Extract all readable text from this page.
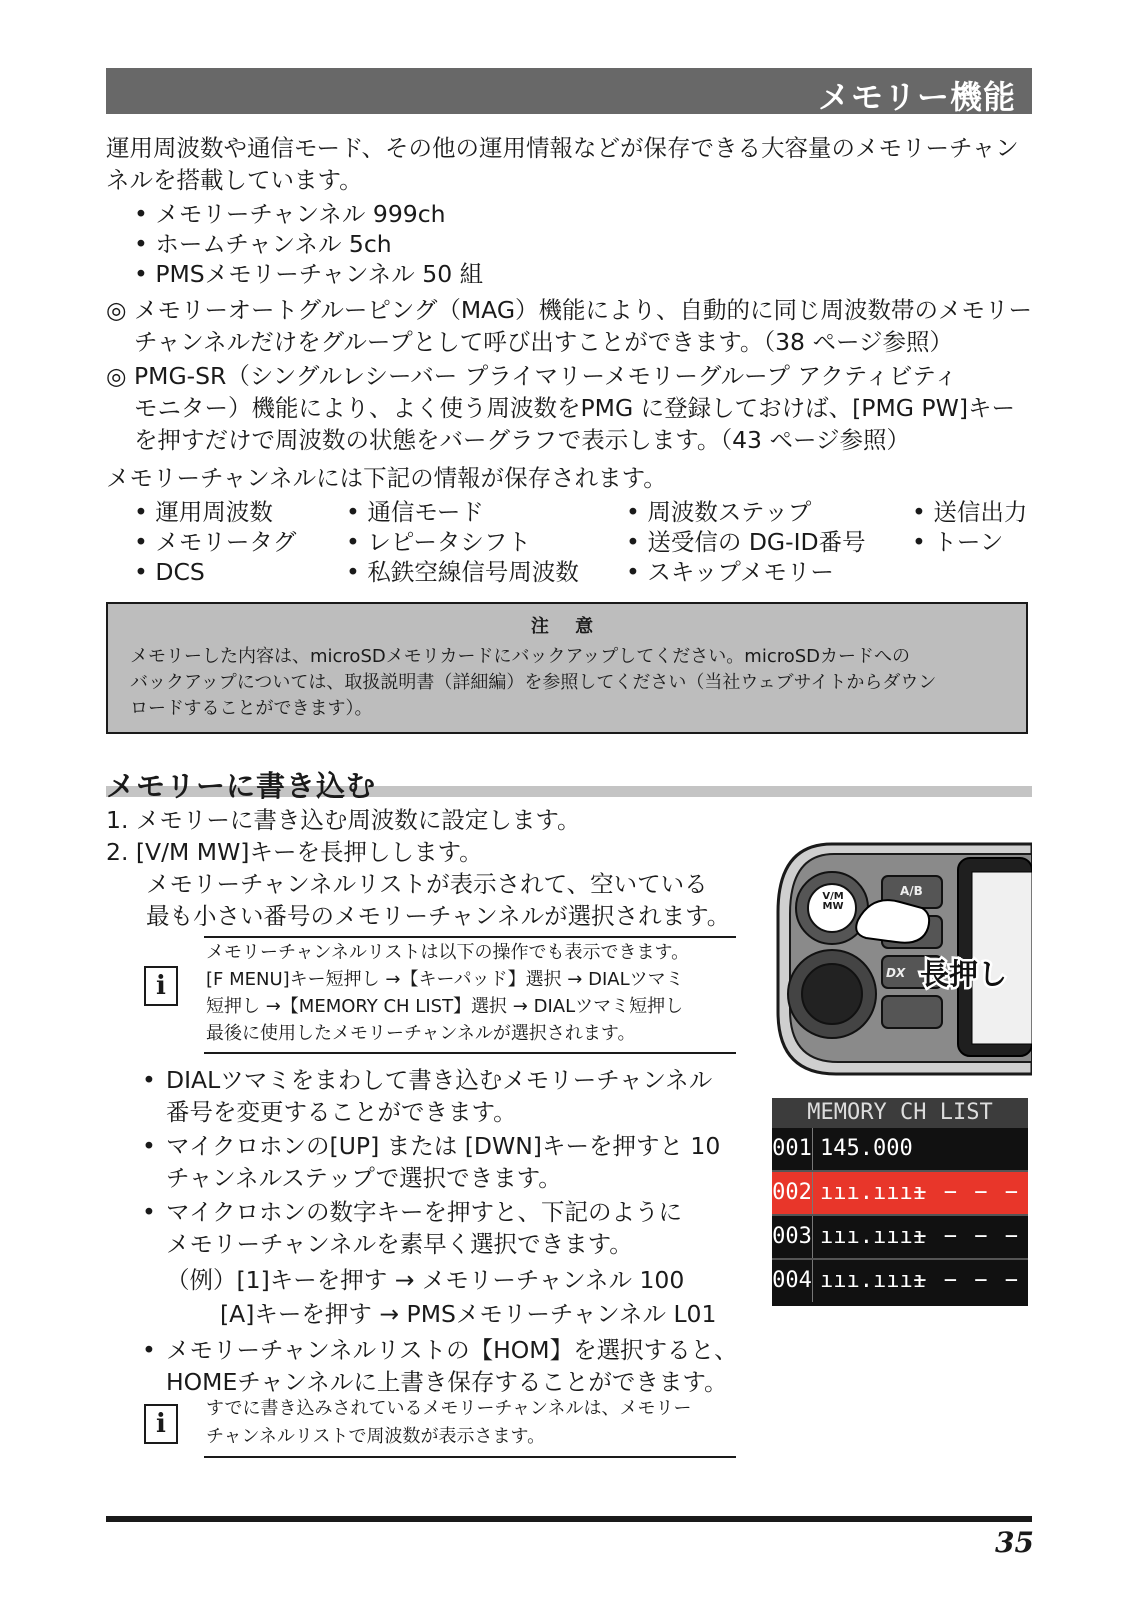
メモリー機能
運用周波数や通信モード、その他の運用情報などが保存できる大容量のメモリーチャン
ネルを搭載しています。
• メモリーチャンネル 999ch
• ホームチャンネル 5ch
• PMSメモリーチャンネル 50 組
◎ メモリーオートグルーピング（MAG）機能により、自動的に同じ周波数帯のメモリー
チャンネルだけをグループとして呼び出すことができます。（38 ページ参照）
◎ PMG-SR（シングルレシーバー プライマリーメモリーグループ アクティビティ
モニター）機能により、よく使う周波数をPMG に登録しておけば、[PMG PW]キー
を押すだけで周波数の状態をバーグラフで表示します。（43 ページ参照）
メモリーチャンネルには下記の情報が保存されます。
• 運用周波数
• メモリータグ
• DCS
• 通信モード
• レピータシフト
• 私鉄空線信号周波数
• 周波数ステップ
• 送受信の DG-ID番号
• スキップメモリー
• 送信出力
• トーン
注 意
メモリーした内容は、microSDメモリカードにバックアップしてください。microSDカードへの
バックアップについては、取扱説明書（詳細編）を参照してください（当社ウェブサイトからダウン
ロードすることができます）。
メモリーに書き込む
1. メモリーに書き込む周波数に設定します。
2. [V/M MW]キーを長押しします。
メモリーチャンネルリストが表示されて、空いている
最も小さい番号のメモリーチャンネルが選択されます。
i
メモリーチャンネルリストは以下の操作でも表示できます。
[F MENU]キー短押し →【キーパッド】選択 → DIALツマミ
短押し →【MEMORY CH LIST】選択 → DIALツマミ短押し
最後に使用したメモリーチャンネルが選択されます。
• DIALツマミをまわして書き込むメモリーチャンネル
番号を変更することができます。
• マイクロホンの[UP] または [DWN]キーを押すと 10
チャンネルステップで選択できます。
• マイクロホンの数字キーを押すと、下記のように
メモリーチャンネルを素早く選択できます。
（例）[1]キーを押す → メモリーチャンネル 100
[A]キーを押す → PMSメモリーチャンネル L01
• メモリーチャンネルリストの【HOM】を選択すると、
HOMEチャンネルに上書き保存することができます。
i
すでに書き込みされているメモリーチャンネルは、メモリー
チャンネルリストで周波数が表示さます。
V/M
MW
A/B
DX 長押し
MEMORY CH LIST
001 145.000
002 ııı.ıııı
− − − −
003 ııı.ıııı
− − − −
004 ııı.ıııı
− − − −
35
